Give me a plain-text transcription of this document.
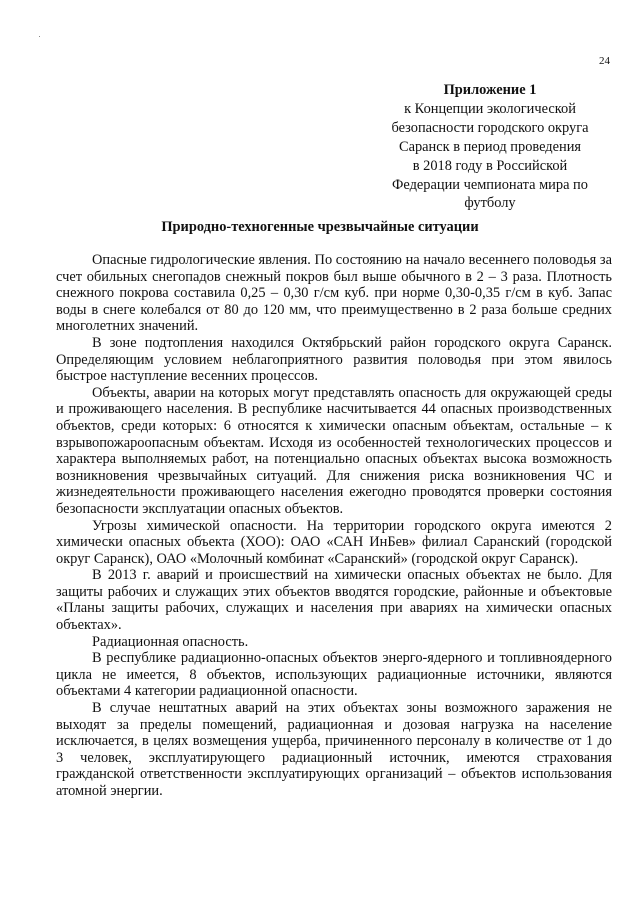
24
Приложение 1
к Концепции экологической
безопасности городского округа
Саранск в период проведения
в 2018 году в Российской
Федерации чемпионата мира по
футболу
Природно-техногенные чрезвычайные ситуации

Опасные гидрологические явления. По состоянию на начало весеннего половодья за счет обильных снегопадов снежный покров был выше обычного в 2 – 3 раза. Плотность снежного покрова составила 0,25 – 0,30 г/см куб. при норме 0,30-0,35 г/см в куб. Запас воды в снеге колебался от 80 до 120 мм, что преимущественно в 2 раза больше средних многолетних значений.

В зоне подтопления находился Октябрьский район городского округа Саранск. Определяющим условием неблагоприятного развития половодья при этом явилось быстрое наступление весенних процессов.

Объекты, аварии на которых могут представлять опасность для окружающей среды и проживающего населения. В республике насчитывается 44 опасных производственных объектов, среди которых: 6 относятся к химически опасным объектам, остальные – к взрывопожароопасным объектам. Исходя из особенностей технологических процессов и характера выполняемых работ, на потенциально опасных объектах высока возможность возникновения чрезвычайных ситуаций. Для снижения риска возникновения ЧС и жизнедеятельности проживающего населения ежегодно проводятся проверки состояния безопасности эксплуатации опасных объектов.

Угрозы химической опасности. На территории городского округа имеются 2 химически опасных объекта (ХОО): ОАО «САН ИнБев» филиал Саранский (городской округ Саранск), ОАО «Молочный комбинат «Саранский» (городской округ Саранск).

В 2013 г. аварий и происшествий на химически опасных объектах не было. Для защиты рабочих и служащих этих объектов вводятся городские, районные и объектовые «Планы защиты рабочих, служащих и населения при авариях на химически опасных объектах».

Радиационная опасность.

В республике радиационно-опасных объектов энерго-ядерного и топливноядерного цикла не имеется, 8 объектов, использующих радиационные источники, являются объектами 4 категории радиационной опасности.

В случае нештатных аварий на этих объектах зоны возможного заражения не выходят за пределы помещений, радиационная и дозовая нагрузка на население исключается, в целях возмещения ущерба, причиненного персоналу в количестве от 1 до 3 человек, эксплуатирующего радиационный источник, имеются страхования гражданской ответственности эксплуатирующих организаций – объектов использования атомной энергии.
